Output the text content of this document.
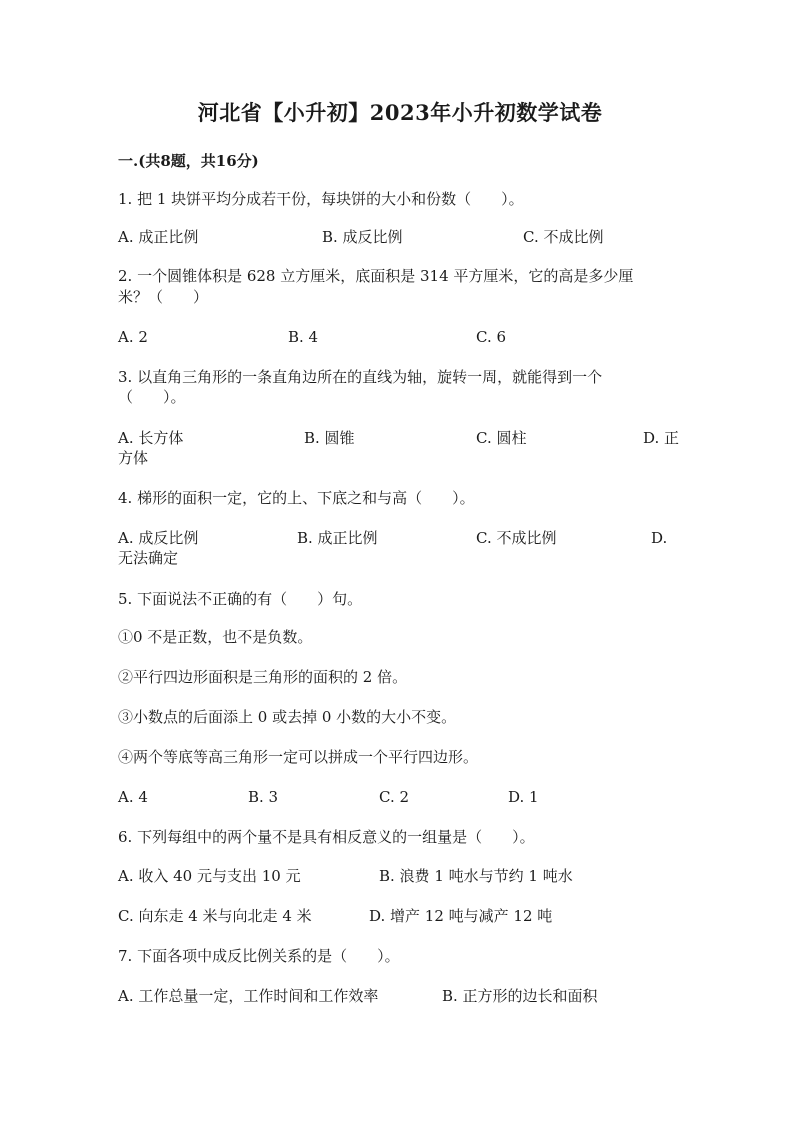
河北省【小升初】2023年小升初数学试卷
一.(共8题，共16分)
1. 把 1 块饼平均分成若干份，每块饼的大小和份数（　　）。
A. 成正比例	B. 成反比例	C. 不成比例
2. 一个圆锥体积是 628 立方厘米，底面积是 314 平方厘米，它的高是多少厘
米？（　　）
A. 2	B. 4	C. 6
3. 以直角三角形的一条直角边所在的直线为轴，旋转一周，就能得到一个
（　　）。
A. 长方体	B. 圆锥	C. 圆柱	D. 正
方体
4. 梯形的面积一定，它的上、下底之和与高（　　）。
A. 成反比例	B. 成正比例	C. 不成比例	D.
无法确定
5. 下面说法不正确的有（　　）句。
①0 不是正数，也不是负数。
②平行四边形面积是三角形的面积的 2 倍。
③小数点的后面添上 0 或去掉 0 小数的大小不变。
④两个等底等高三角形一定可以拼成一个平行四边形。
A. 4	B. 3	C. 2	D. 1
6. 下列每组中的两个量不是具有相反意义的一组量是（　　）。
A. 收入 40 元与支出 10 元	B. 浪费 1 吨水与节约 1 吨水
C. 向东走 4 米与向北走 4 米	D. 增产 12 吨与减产 12 吨
7. 下面各项中成反比例关系的是（　　）。
A. 工作总量一定，工作时间和工作效率	B. 正方形的边长和面积
